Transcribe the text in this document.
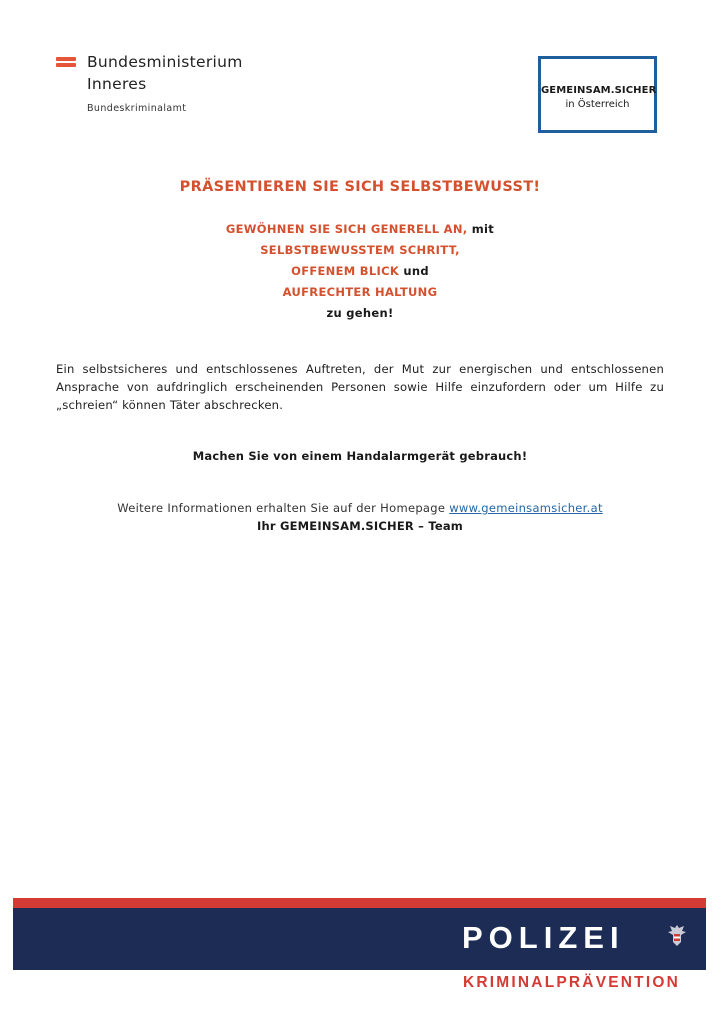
Bundesministerium
Inneres
Bundeskriminalamt
GEMEINSAM.SICHER
in Österreich
PRÄSENTIEREN SIE SICH SELBSTBEWUSST!
GEWÖHNEN SIE SICH GENERELL AN, mit
SELBSTBEWUSSTEM SCHRITT,
OFFENEM BLICK und
AUFRECHTER HALTUNG
zu gehen!
Ein selbstsicheres und entschlossenes Auftreten, der Mut zur energischen und entschlossenen Ansprache von aufdringlich erscheinenden Personen sowie Hilfe einzufordern oder um Hilfe zu „schreien“ können Täter abschrecken.
Machen Sie von einem Handalarmgerät gebrauch!
Weitere Informationen erhalten Sie auf der Homepage www.gemeinsamsicher.at
Ihr GEMEINSAM.SICHER – Team
POLIZEI
KRIMINALPRÄVENTION
